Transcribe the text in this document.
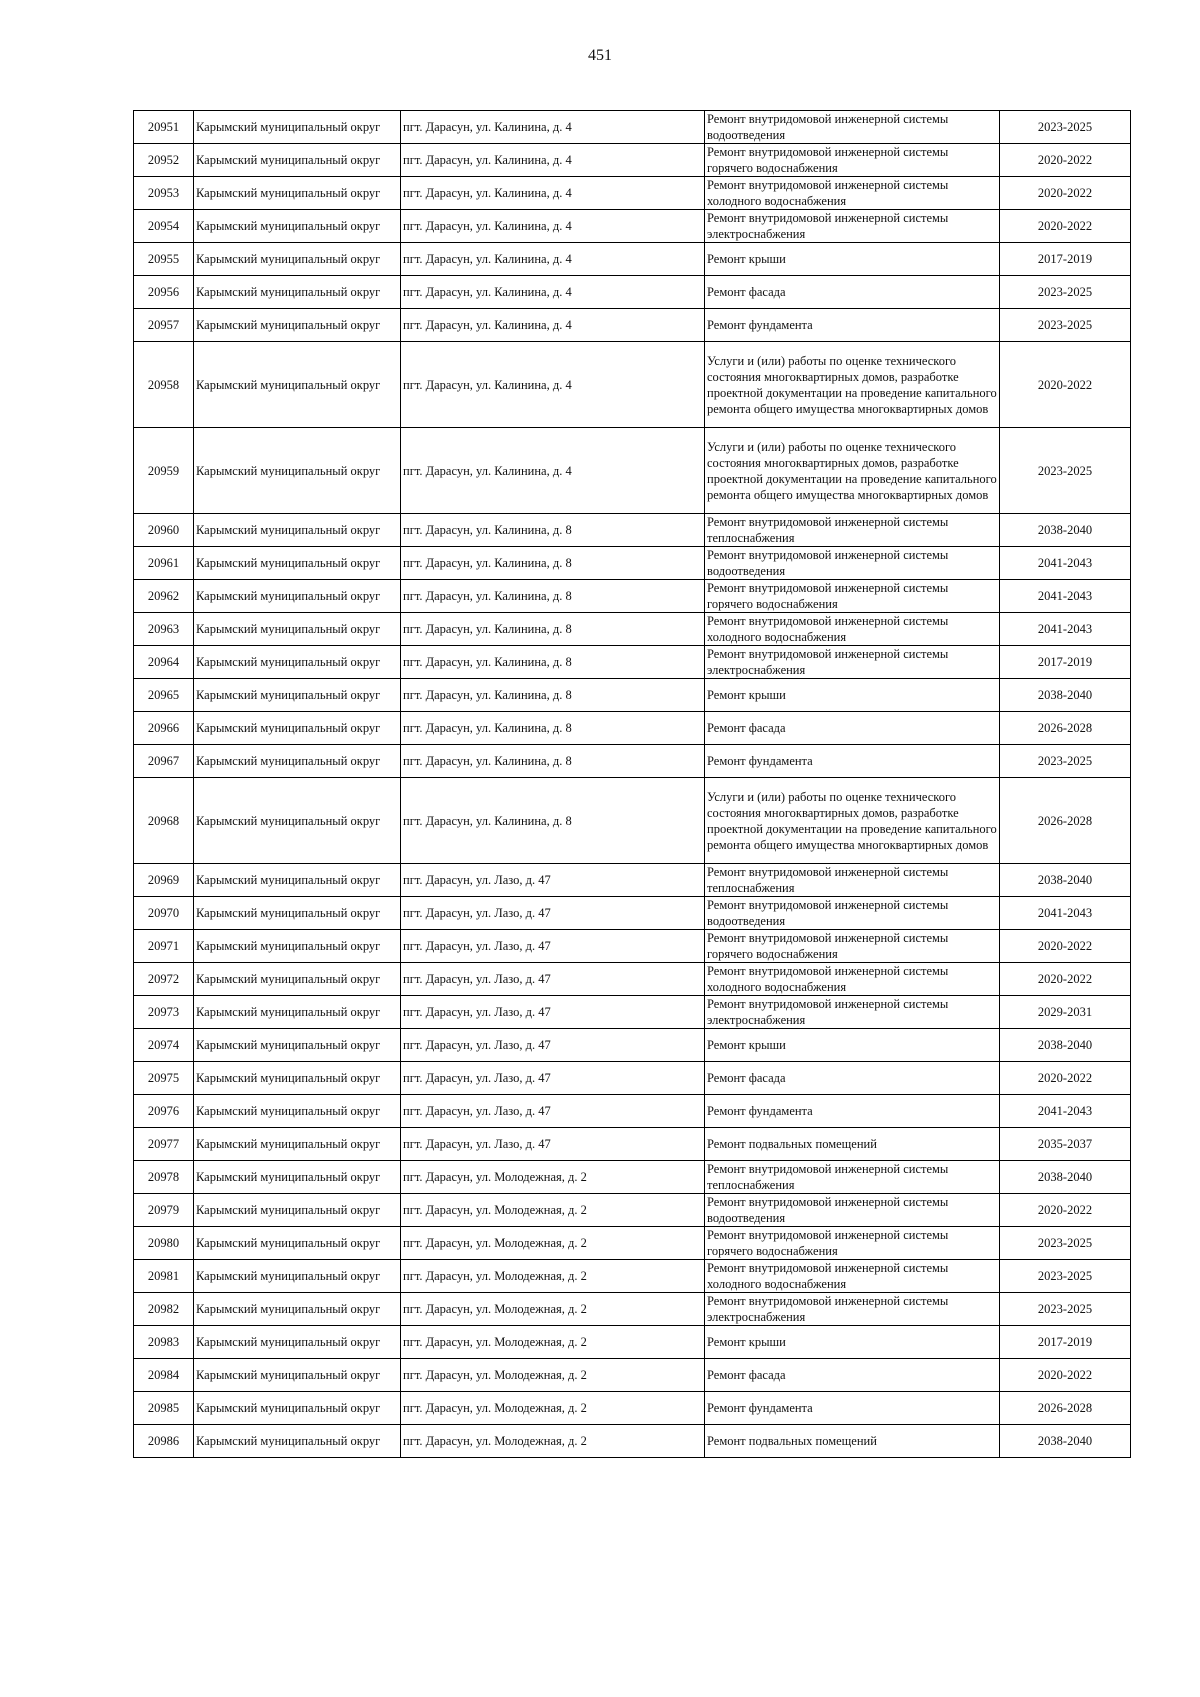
451
20951	Карымский муниципальный округ	пгт. Дарасун, ул. Калинина, д. 4	Ремонт внутридомовой инженерной системы водоотведения	2023-2025
20952	Карымский муниципальный округ	пгт. Дарасун, ул. Калинина, д. 4	Ремонт внутридомовой инженерной системы горячего водоснабжения	2020-2022
20953	Карымский муниципальный округ	пгт. Дарасун, ул. Калинина, д. 4	Ремонт внутридомовой инженерной системы холодного водоснабжения	2020-2022
20954	Карымский муниципальный округ	пгт. Дарасун, ул. Калинина, д. 4	Ремонт внутридомовой инженерной системы электроснабжения	2020-2022
20955	Карымский муниципальный округ	пгт. Дарасун, ул. Калинина, д. 4	Ремонт крыши	2017-2019
20956	Карымский муниципальный округ	пгт. Дарасун, ул. Калинина, д. 4	Ремонт фасада	2023-2025
20957	Карымский муниципальный округ	пгт. Дарасун, ул. Калинина, д. 4	Ремонт фундамента	2023-2025
20958	Карымский муниципальный округ	пгт. Дарасун, ул. Калинина, д. 4	Услуги и (или) работы по оценке технического состояния многоквартирных домов, разработке проектной документации на проведение капитального ремонта общего имущества многоквартирных домов	2020-2022
20959	Карымский муниципальный округ	пгт. Дарасун, ул. Калинина, д. 4	Услуги и (или) работы по оценке технического состояния многоквартирных домов, разработке проектной документации на проведение капитального ремонта общего имущества многоквартирных домов	2023-2025
20960	Карымский муниципальный округ	пгт. Дарасун, ул. Калинина, д. 8	Ремонт внутридомовой инженерной системы теплоснабжения	2038-2040
20961	Карымский муниципальный округ	пгт. Дарасун, ул. Калинина, д. 8	Ремонт внутридомовой инженерной системы водоотведения	2041-2043
20962	Карымский муниципальный округ	пгт. Дарасун, ул. Калинина, д. 8	Ремонт внутридомовой инженерной системы горячего водоснабжения	2041-2043
20963	Карымский муниципальный округ	пгт. Дарасун, ул. Калинина, д. 8	Ремонт внутридомовой инженерной системы холодного водоснабжения	2041-2043
20964	Карымский муниципальный округ	пгт. Дарасун, ул. Калинина, д. 8	Ремонт внутридомовой инженерной системы электроснабжения	2017-2019
20965	Карымский муниципальный округ	пгт. Дарасун, ул. Калинина, д. 8	Ремонт крыши	2038-2040
20966	Карымский муниципальный округ	пгт. Дарасун, ул. Калинина, д. 8	Ремонт фасада	2026-2028
20967	Карымский муниципальный округ	пгт. Дарасун, ул. Калинина, д. 8	Ремонт фундамента	2023-2025
20968	Карымский муниципальный округ	пгт. Дарасун, ул. Калинина, д. 8	Услуги и (или) работы по оценке технического состояния многоквартирных домов, разработке проектной документации на проведение капитального ремонта общего имущества многоквартирных домов	2026-2028
20969	Карымский муниципальный округ	пгт. Дарасун, ул. Лазо, д. 47	Ремонт внутридомовой инженерной системы теплоснабжения	2038-2040
20970	Карымский муниципальный округ	пгт. Дарасун, ул. Лазо, д. 47	Ремонт внутридомовой инженерной системы водоотведения	2041-2043
20971	Карымский муниципальный округ	пгт. Дарасун, ул. Лазо, д. 47	Ремонт внутридомовой инженерной системы горячего водоснабжения	2020-2022
20972	Карымский муниципальный округ	пгт. Дарасун, ул. Лазо, д. 47	Ремонт внутридомовой инженерной системы холодного водоснабжения	2020-2022
20973	Карымский муниципальный округ	пгт. Дарасун, ул. Лазо, д. 47	Ремонт внутридомовой инженерной системы электроснабжения	2029-2031
20974	Карымский муниципальный округ	пгт. Дарасун, ул. Лазо, д. 47	Ремонт крыши	2038-2040
20975	Карымский муниципальный округ	пгт. Дарасун, ул. Лазо, д. 47	Ремонт фасада	2020-2022
20976	Карымский муниципальный округ	пгт. Дарасун, ул. Лазо, д. 47	Ремонт фундамента	2041-2043
20977	Карымский муниципальный округ	пгт. Дарасун, ул. Лазо, д. 47	Ремонт подвальных помещений	2035-2037
20978	Карымский муниципальный округ	пгт. Дарасун, ул. Молодежная, д. 2	Ремонт внутридомовой инженерной системы теплоснабжения	2038-2040
20979	Карымский муниципальный округ	пгт. Дарасун, ул. Молодежная, д. 2	Ремонт внутридомовой инженерной системы водоотведения	2020-2022
20980	Карымский муниципальный округ	пгт. Дарасун, ул. Молодежная, д. 2	Ремонт внутридомовой инженерной системы горячего водоснабжения	2023-2025
20981	Карымский муниципальный округ	пгт. Дарасун, ул. Молодежная, д. 2	Ремонт внутридомовой инженерной системы холодного водоснабжения	2023-2025
20982	Карымский муниципальный округ	пгт. Дарасун, ул. Молодежная, д. 2	Ремонт внутридомовой инженерной системы электроснабжения	2023-2025
20983	Карымский муниципальный округ	пгт. Дарасун, ул. Молодежная, д. 2	Ремонт крыши	2017-2019
20984	Карымский муниципальный округ	пгт. Дарасун, ул. Молодежная, д. 2	Ремонт фасада	2020-2022
20985	Карымский муниципальный округ	пгт. Дарасун, ул. Молодежная, д. 2	Ремонт фундамента	2026-2028
20986	Карымский муниципальный округ	пгт. Дарасун, ул. Молодежная, д. 2	Ремонт подвальных помещений	2038-2040
